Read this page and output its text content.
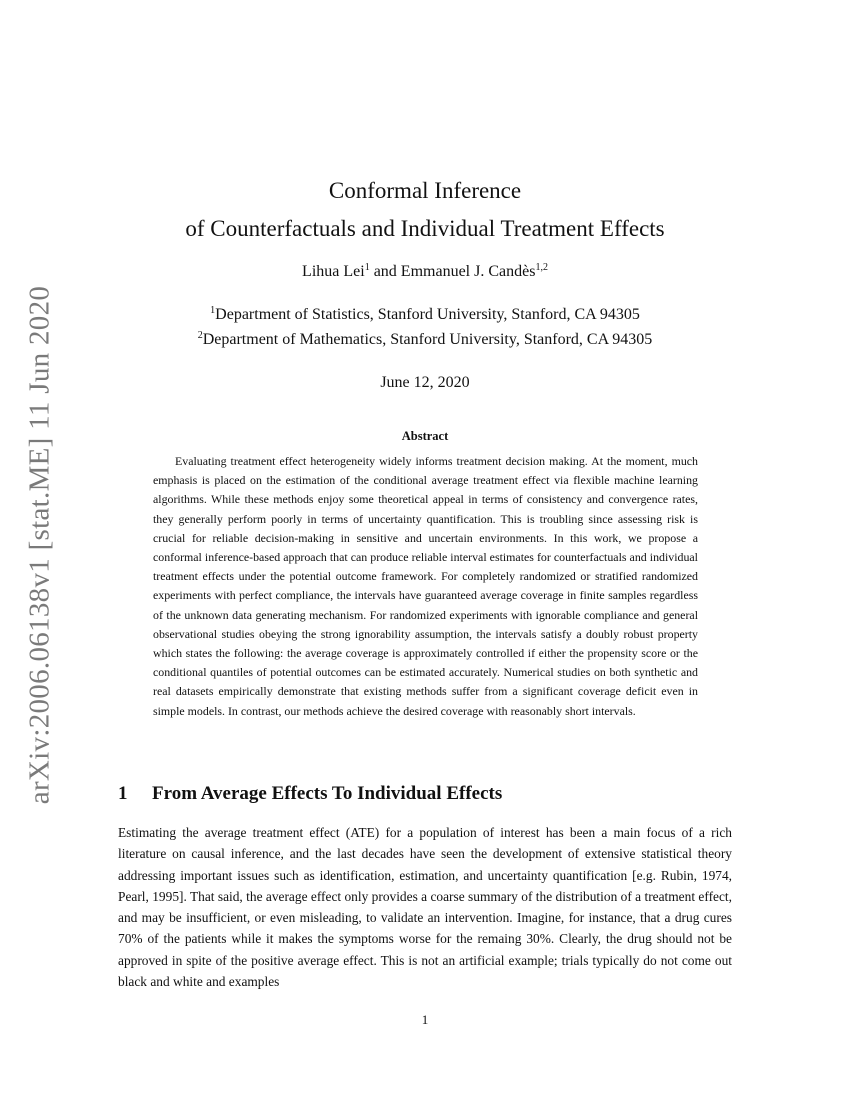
arXiv:2006.06138v1 [stat.ME] 11 Jun 2020
Conformal Inference
of Counterfactuals and Individual Treatment Effects
Lihua Lei$^1$ and Emmanuel J. Candès$^{1,2}$
$^1$Department of Statistics, Stanford University, Stanford, CA 94305
$^2$Department of Mathematics, Stanford University, Stanford, CA 94305
June 12, 2020
Abstract

Evaluating treatment effect heterogeneity widely informs treatment decision making. At the moment, much emphasis is placed on the estimation of the conditional average treatment effect via flexible machine learning algorithms. While these methods enjoy some theoretical appeal in terms of consistency and convergence rates, they generally perform poorly in terms of uncertainty quantification. This is troubling since assessing risk is crucial for reliable decision-making in sensitive and uncertain environments. In this work, we propose a conformal inference-based approach that can produce reliable interval estimates for counterfactuals and individual treatment effects under the potential outcome framework. For completely randomized or stratified randomized experiments with perfect compliance, the intervals have guaranteed average coverage in finite samples regardless of the unknown data generating mechanism. For randomized experiments with ignorable compliance and general observational studies obeying the strong ignorability assumption, the intervals satisfy a doubly robust property which states the following: the average coverage is approximately controlled if either the propensity score or the conditional quantiles of potential outcomes can be estimated accurately. Numerical studies on both synthetic and real datasets empirically demonstrate that existing methods suffer from a significant coverage deficit even in simple models. In contrast, our methods achieve the desired coverage with reasonably short intervals.

1 From Average Effects To Individual Effects

Estimating the average treatment effect (ATE) for a population of interest has been a main focus of a rich literature on causal inference, and the last decades have seen the development of extensive statistical theory addressing important issues such as identification, estimation, and uncertainty quantification [e.g. Rubin, 1974, Pearl, 1995]. That said, the average effect only provides a coarse summary of the distribution of a treatment effect, and may be insufficient, or even misleading, to validate an intervention. Imagine, for instance, that a drug cures 70% of the patients while it makes the symptoms worse for the remaing 30%. Clearly, the drug should not be approved in spite of the positive average effect. This is not an artificial example; trials typically do not come out black and white and examples

1
